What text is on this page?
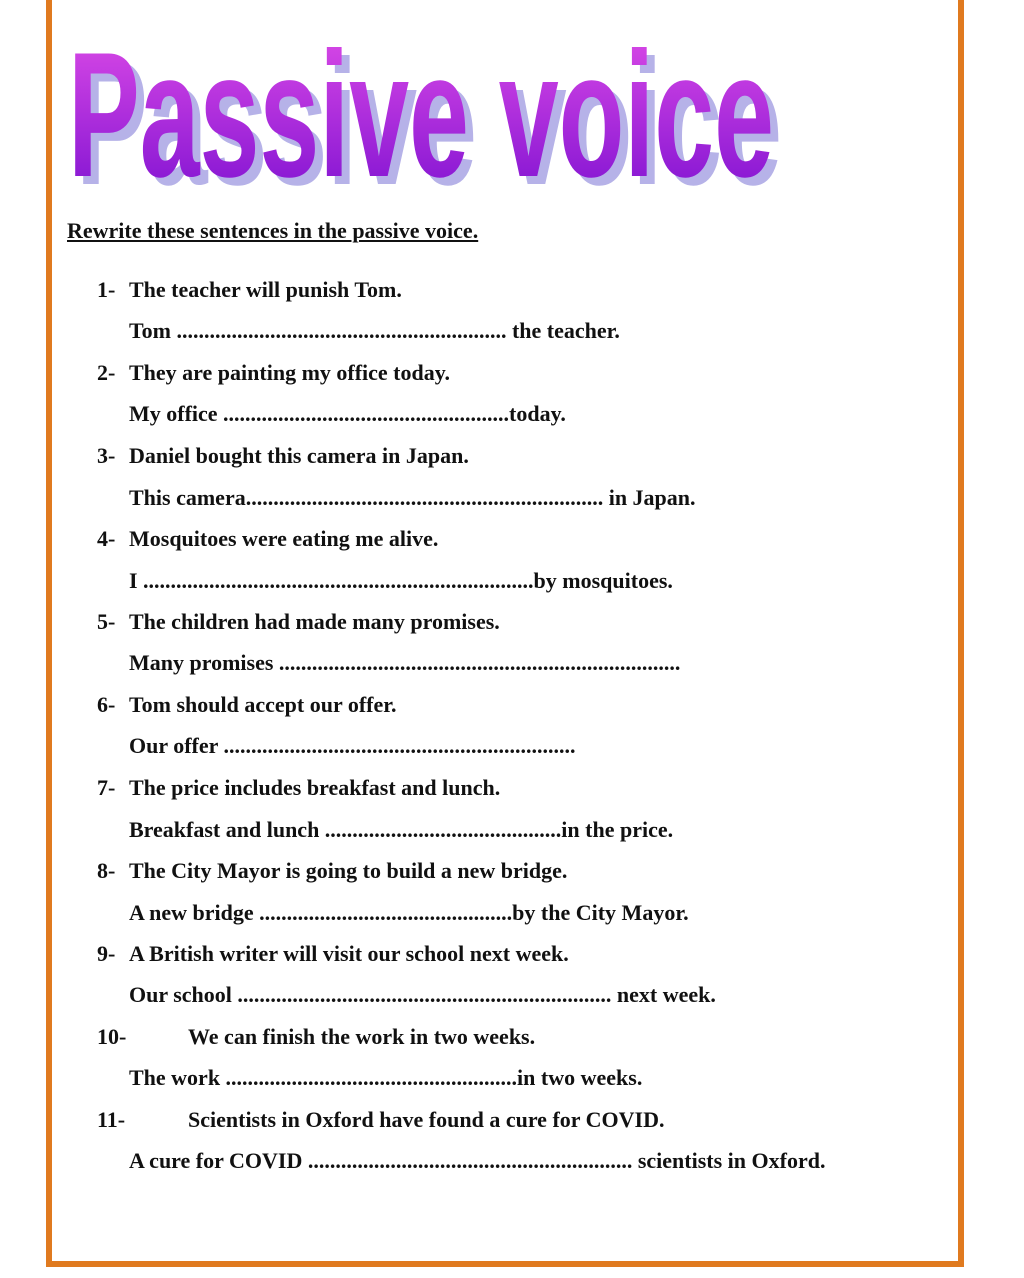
Passive voice
Passive voice
Rewrite these sentences in the passive voice.
1- The teacher will punish Tom.
Tom ............................................................ the teacher.
2- They are painting my office today.
My office ....................................................today.
3- Daniel bought this camera in Japan.
This camera................................................................. in Japan.
4- Mosquitoes were eating me alive.
I .......................................................................by mosquitoes.
5- The children had made many promises.
Many promises .........................................................................
6- Tom should accept our offer.
Our offer ................................................................
7- The price includes breakfast and lunch.
Breakfast and lunch ...........................................in the price.
8- The City Mayor is going to build a new bridge.
A new bridge ..............................................by the City Mayor.
9- A British writer will visit our school next week.
Our school .................................................................... next week.
10-	We can finish the work in two weeks.
The work .....................................................in two weeks.
11-	Scientists in Oxford have found a cure for COVID.
A cure for COVID ........................................................... scientists in Oxford.
